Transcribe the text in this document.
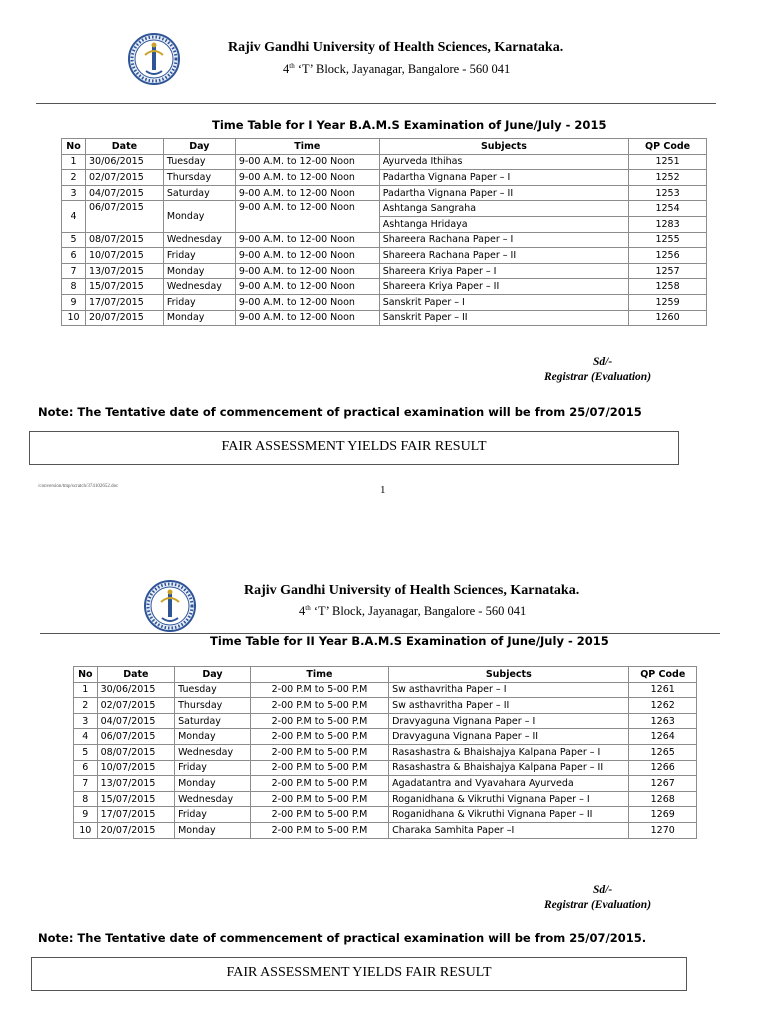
Rajiv Gandhi University of Health Sciences, Karnataka.
4th ‘T’ Block, Jayanagar, Bangalore - 560 041
Time Table for I Year B.A.M.S Examination of June/July - 2015
No	Date	Day	Time	Subjects	QP Code
1	30/06/2015	Tuesday	9-00 A.M. to 12-00 Noon	Ayurveda Ithihas	1251
2	02/07/2015	Thursday	9-00 A.M. to 12-00 Noon	Padartha Vignana Paper – I	1252
3	04/07/2015	Saturday	9-00 A.M. to 12-00 Noon	Padartha Vignana Paper – II	1253
4	06/07/2015	Monday	9-00 A.M. to 12-00 Noon	Ashtanga Sangraha	1254
				Ashtanga Hridaya	1283
5	08/07/2015	Wednesday	9-00 A.M. to 12-00 Noon	Shareera Rachana Paper – I	1255
6	10/07/2015	Friday	9-00 A.M. to 12-00 Noon	Shareera Rachana Paper – II	1256
7	13/07/2015	Monday	9-00 A.M. to 12-00 Noon	Shareera Kriya Paper – I	1257
8	15/07/2015	Wednesday	9-00 A.M. to 12-00 Noon	Shareera Kriya Paper – II	1258
9	17/07/2015	Friday	9-00 A.M. to 12-00 Noon	Sanskrit Paper – I	1259
10	20/07/2015	Monday	9-00 A.M. to 12-00 Noon	Sanskrit Paper – II	1260
Sd/-
Registrar (Evaluation)
Note: The Tentative date of commencement of practical examination will be from 25/07/2015
FAIR ASSESSMENT YIELDS FAIR RESULT
/conversion/tmp/scratch/374102652.doc	1
Rajiv Gandhi University of Health Sciences, Karnataka.
4th ‘T’ Block, Jayanagar, Bangalore - 560 041
Time Table for II Year B.A.M.S Examination of June/July - 2015
No	Date	Day	Time	Subjects	QP Code
1	30/06/2015	Tuesday	2-00 P.M to 5-00 P.M	Sw asthavritha Paper – I	1261
2	02/07/2015	Thursday	2-00 P.M to 5-00 P.M	Sw asthavritha Paper – II	1262
3	04/07/2015	Saturday	2-00 P.M to 5-00 P.M	Dravyaguna Vignana Paper – I	1263
4	06/07/2015	Monday	2-00 P.M to 5-00 P.M	Dravyaguna Vignana Paper – II	1264
5	08/07/2015	Wednesday	2-00 P.M to 5-00 P.M	Rasashastra & Bhaishajya Kalpana Paper – I	1265
6	10/07/2015	Friday	2-00 P.M to 5-00 P.M	Rasashastra & Bhaishajya Kalpana Paper – II	1266
7	13/07/2015	Monday	2-00 P.M to 5-00 P.M	Agadatantra and Vyavahara Ayurveda	1267
8	15/07/2015	Wednesday	2-00 P.M to 5-00 P.M	Roganidhana & Vikruthi Vignana Paper – I	1268
9	17/07/2015	Friday	2-00 P.M to 5-00 P.M	Roganidhana & Vikruthi Vignana Paper – II	1269
10	20/07/2015	Monday	2-00 P.M to 5-00 P.M	Charaka Samhita Paper –I	1270
Sd/-
Registrar (Evaluation)
Note: The Tentative date of commencement of practical examination will be from 25/07/2015.
FAIR ASSESSMENT YIELDS FAIR RESULT
